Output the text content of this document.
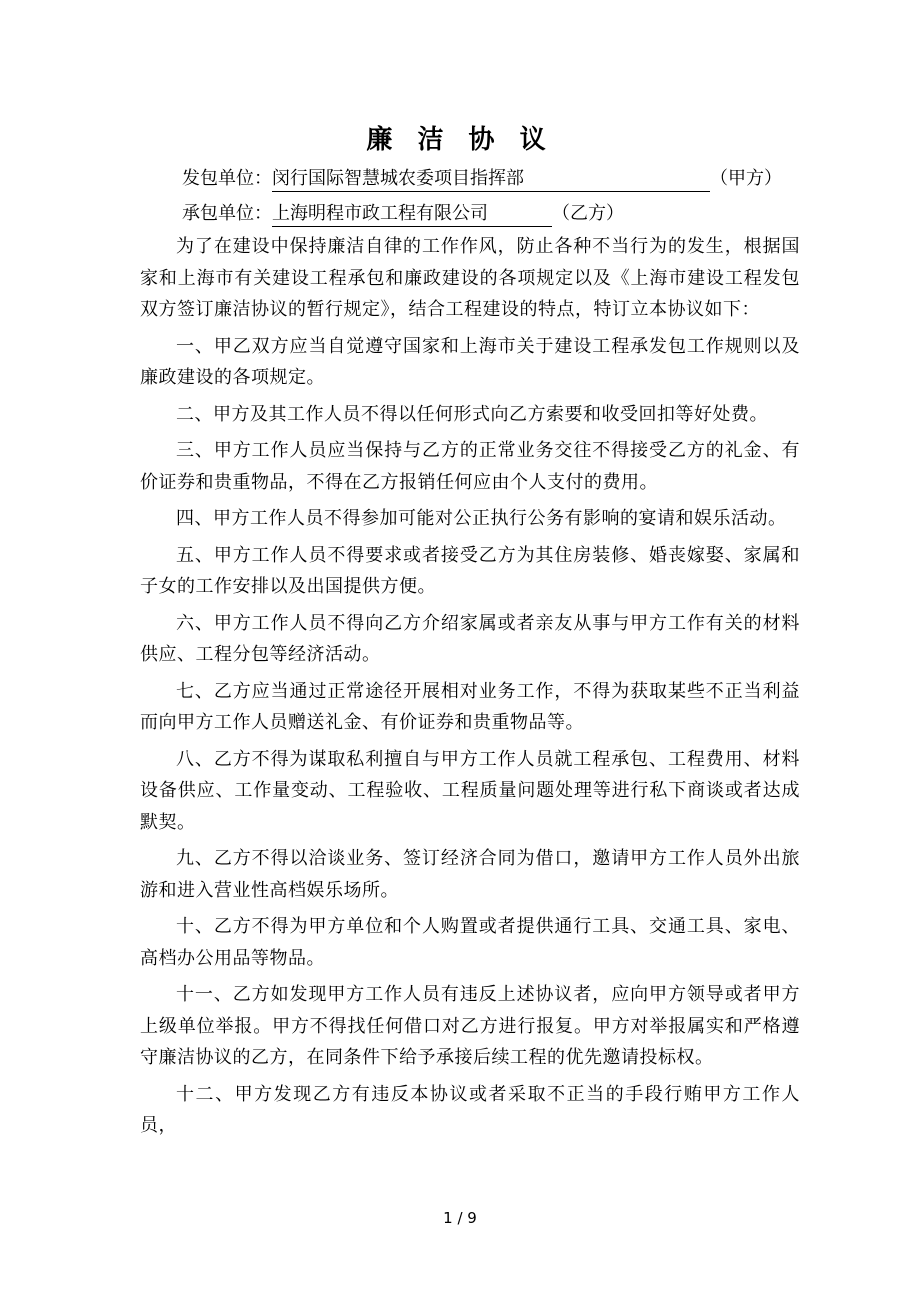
廉 洁 协 议
发包单位：闵行国际智慧城农委项目指挥部	（甲方）
承包单位：上海明程市政工程有限公司	（乙方）

为了在建设中保持廉洁自律的工作作风，防止各种不当行为的发生，根据国家和上海市有关建设工程承包和廉政建设的各项规定以及《上海市建设工程发包双方签订廉洁协议的暂行规定》，结合工程建设的特点，特订立本协议如下：

一、甲乙双方应当自觉遵守国家和上海市关于建设工程承发包工作规则以及廉政建设的各项规定。

二、甲方及其工作人员不得以任何形式向乙方索要和收受回扣等好处费。

三、甲方工作人员应当保持与乙方的正常业务交往不得接受乙方的礼金、有价证券和贵重物品，不得在乙方报销任何应由个人支付的费用。

四、甲方工作人员不得参加可能对公正执行公务有影响的宴请和娱乐活动。

五、甲方工作人员不得要求或者接受乙方为其住房装修、婚丧嫁娶、家属和子女的工作安排以及出国提供方便。

六、甲方工作人员不得向乙方介绍家属或者亲友从事与甲方工作有关的材料供应、工程分包等经济活动。

七、乙方应当通过正常途径开展相对业务工作，不得为获取某些不正当利益而向甲方工作人员赠送礼金、有价证券和贵重物品等。

八、乙方不得为谋取私利擅自与甲方工作人员就工程承包、工程费用、材料设备供应、工作量变动、工程验收、工程质量问题处理等进行私下商谈或者达成默契。

九、乙方不得以洽谈业务、签订经济合同为借口，邀请甲方工作人员外出旅游和进入营业性高档娱乐场所。

十、乙方不得为甲方单位和个人购置或者提供通行工具、交通工具、家电、高档办公用品等物品。

十一、乙方如发现甲方工作人员有违反上述协议者，应向甲方领导或者甲方上级单位举报。甲方不得找任何借口对乙方进行报复。甲方对举报属实和严格遵守廉洁协议的乙方，在同条件下给予承接后续工程的优先邀请投标权。

十二、甲方发现乙方有违反本协议或者采取不正当的手段行贿甲方工作人员，

1 / 9
